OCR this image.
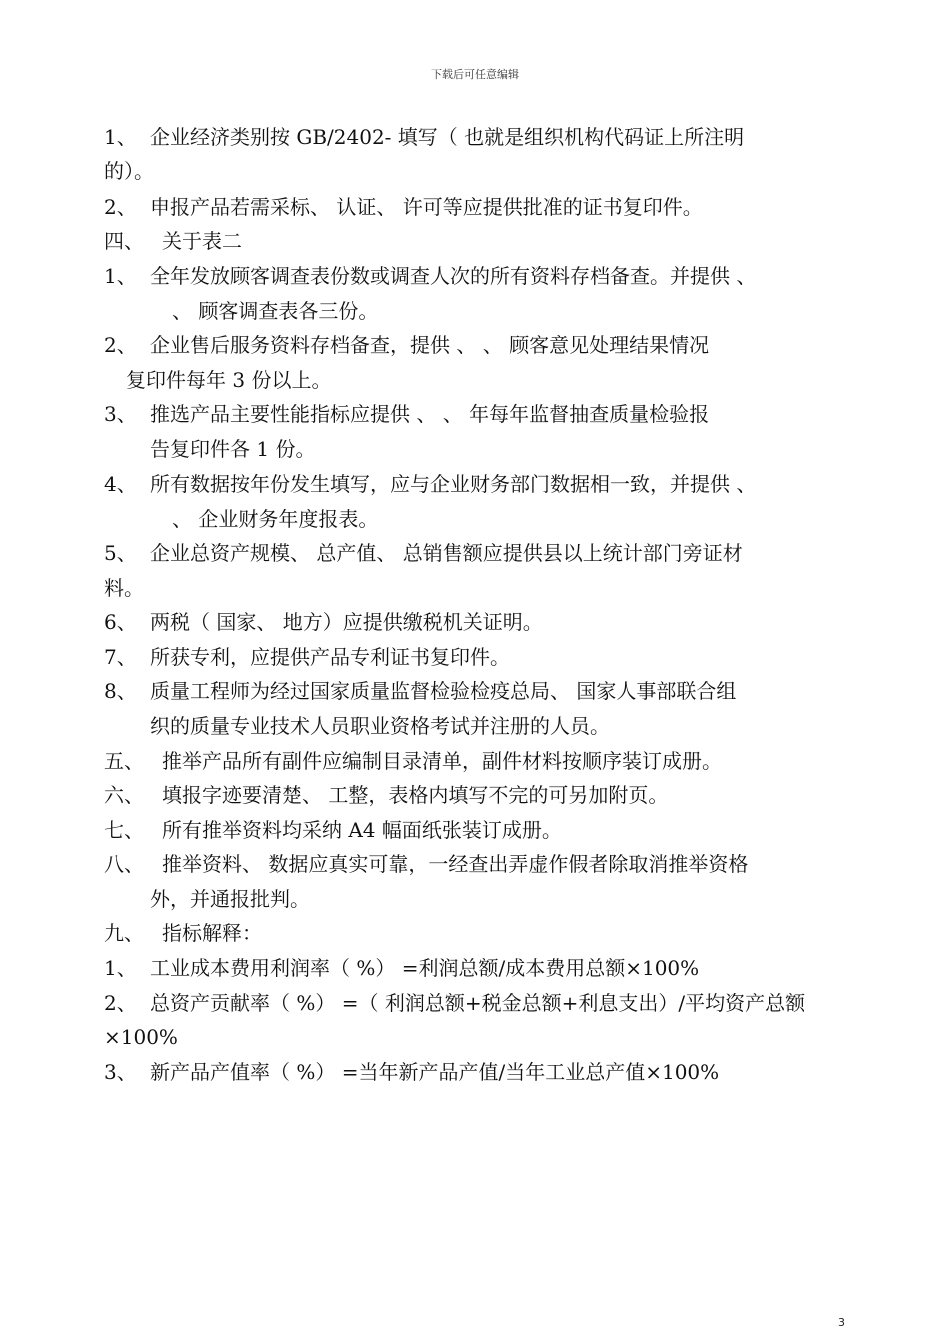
下载后可任意编辑
1、 企业经济类别按 GB/2402- 填写（ 也就是组织机构代码证上所注明
的）。
2、 申报产品若需采标、 认证、 许可等应提供批准的证书复印件。
四、 关于表二
1、 全年发放顾客调查表份数或调查人次的所有资料存档备查。并提供 、
、 顾客调查表各三份。
2、 企业售后服务资料存档备查，提供 、 、 顾客意见处理结果情况
复印件每年 3 份以上。
3、 推选产品主要性能指标应提供 、 、 年每年监督抽查质量检验报
告复印件各 1 份。
4、 所有数据按年份发生填写，应与企业财务部门数据相一致，并提供 、
、 企业财务年度报表。
5、 企业总资产规模、 总产值、 总销售额应提供县以上统计部门旁证材
料。
6、 两税（ 国家、 地方）应提供缴税机关证明。
7、 所获专利，应提供产品专利证书复印件。
8、 质量工程师为经过国家质量监督检验检疫总局、 国家人事部联合组
织的质量专业技术人员职业资格考试并注册的人员。
五、 推举产品所有副件应编制目录清单，副件材料按顺序装订成册。
六、 填报字迹要清楚、 工整，表格内填写不完的可另加附页。
七、 所有推举资料均采纳 A4 幅面纸张装订成册。
八、 推举资料、 数据应真实可靠，一经查出弄虚作假者除取消推举资格
外，并通报批判。
九、 指标解释：
1、 工业成本费用利润率（ %） =利润总额/成本费用总额×100%
2、 总资产贡献率（ %） =（ 利润总额+税金总额+利息支出）/平均资产总额
×100%
3、 新产品产值率（ %） =当年新产品产值/当年工业总产值×100%
3
